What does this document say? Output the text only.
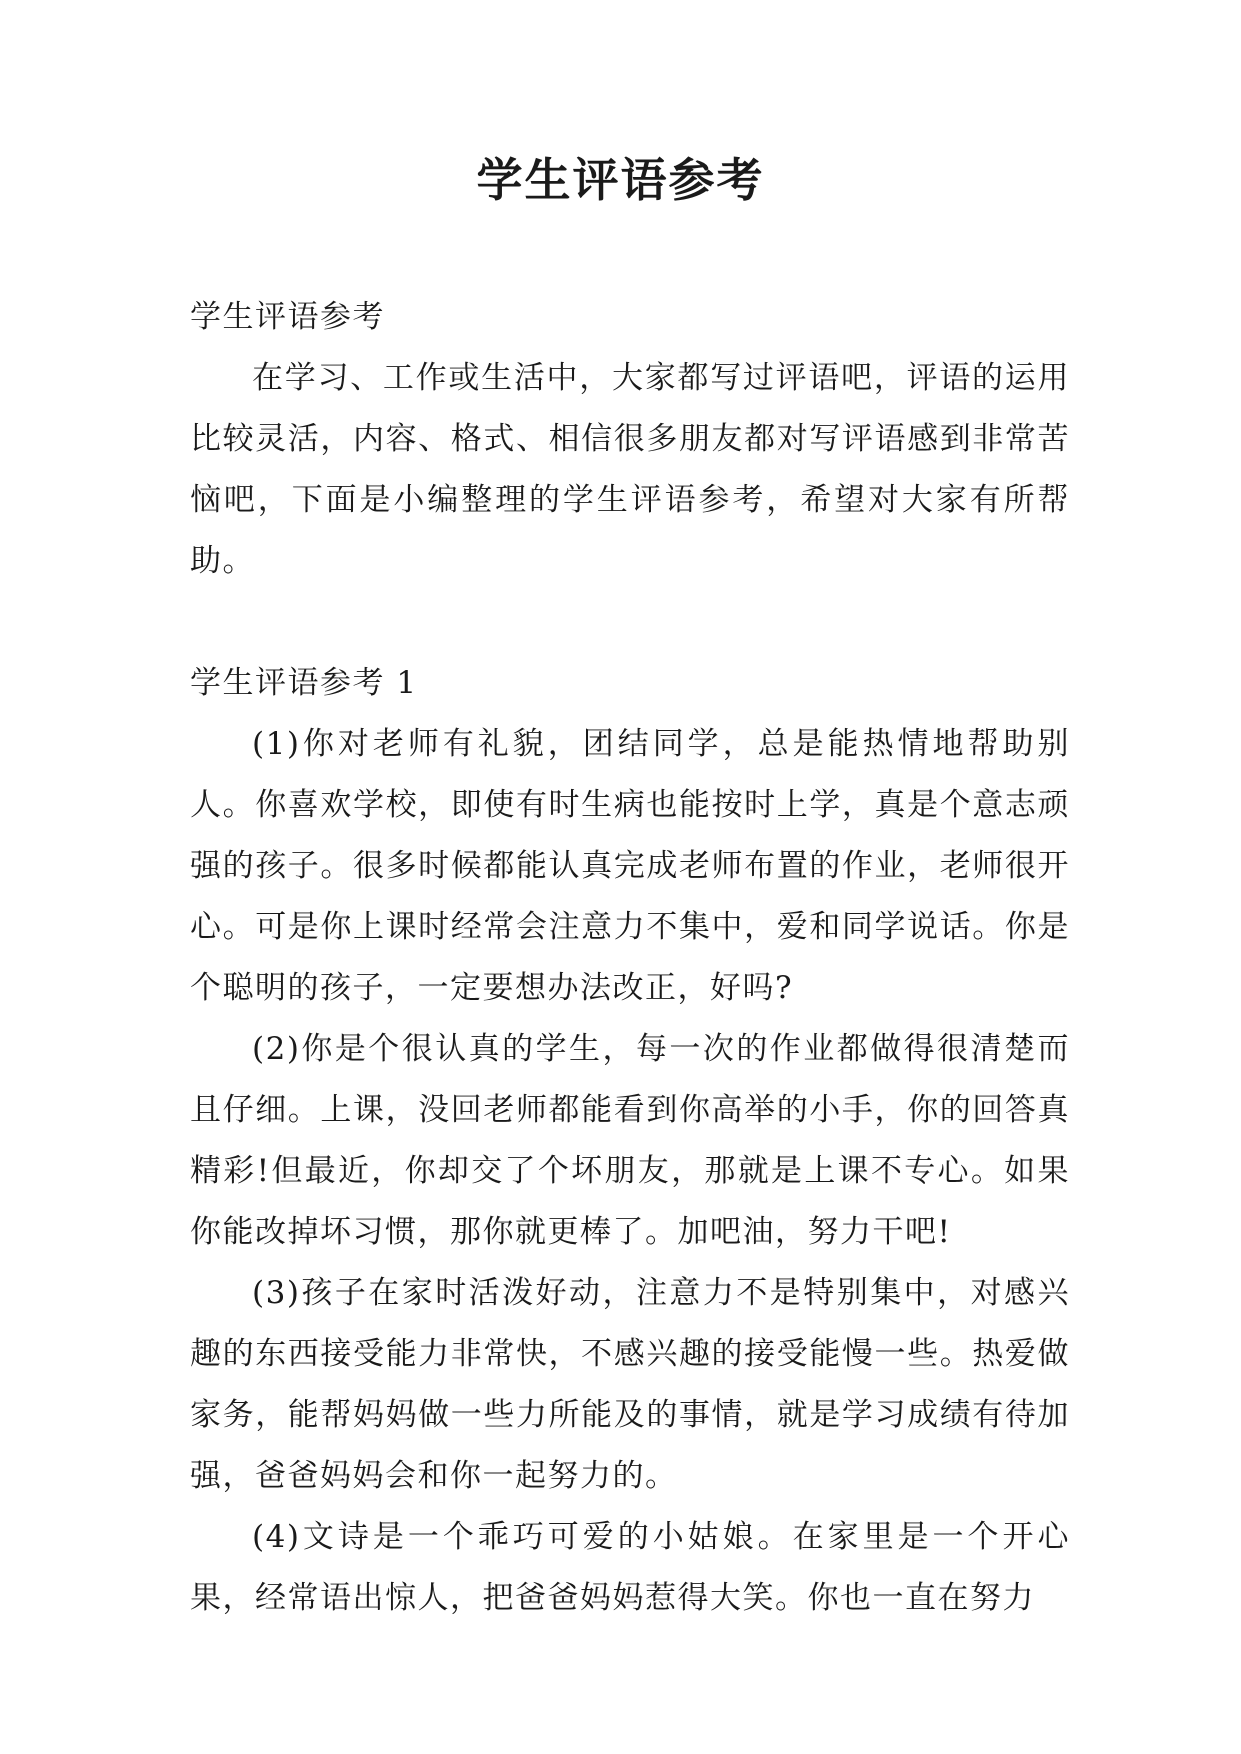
学生评语参考

学生评语参考

在学习、工作或生活中，大家都写过评语吧，评语的运用比较灵活，内容、格式、相信很多朋友都对写评语感到非常苦恼吧，下面是小编整理的学生评语参考，希望对大家有所帮助。

学生评语参考 1

(1)你对老师有礼貌，团结同学，总是能热情地帮助别人。你喜欢学校，即使有时生病也能按时上学，真是个意志顽强的孩子。很多时候都能认真完成老师布置的作业，老师很开心。可是你上课时经常会注意力不集中，爱和同学说话。你是个聪明的孩子，一定要想办法改正，好吗?

(2)你是个很认真的学生，每一次的作业都做得很清楚而且仔细。上课，没回老师都能看到你高举的小手，你的回答真精彩!但最近，你却交了个坏朋友，那就是上课不专心。如果你能改掉坏习惯，那你就更棒了。加吧油，努力干吧!

(3)孩子在家时活泼好动，注意力不是特别集中，对感兴趣的东西接受能力非常快，不感兴趣的接受能慢一些。热爱做家务，能帮妈妈做一些力所能及的事情，就是学习成绩有待加强，爸爸妈妈会和你一起努力的。

(4)文诗是一个乖巧可爱的小姑娘。在家里是一个开心果，经常语出惊人，把爸爸妈妈惹得大笑。你也一直在努力
